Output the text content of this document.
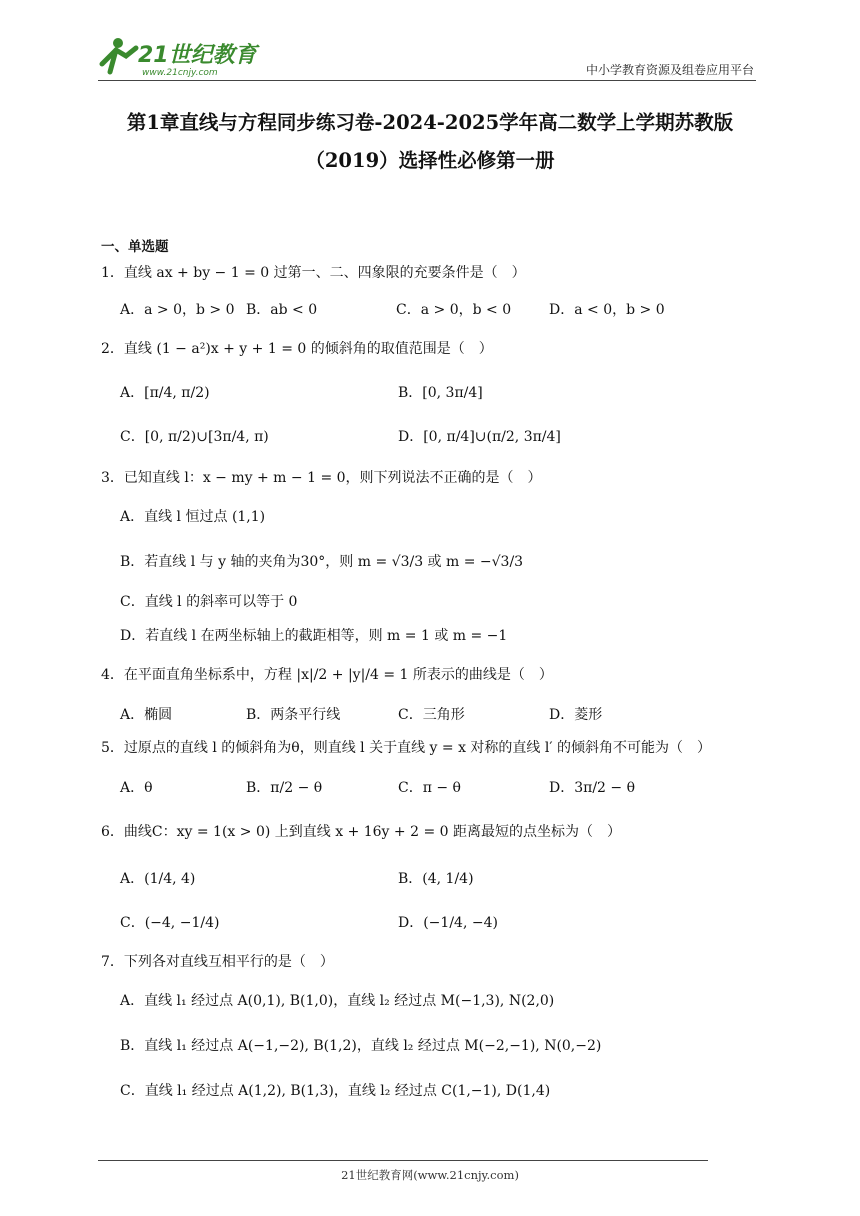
21世纪教育
www.21cnjy.com	中小学教育资源及组卷应用平台
第1章直线与方程同步练习卷-2024-2025学年高二数学上学期苏教版
（2019）选择性必修第一册
一、单选题
1．直线 ax + by − 1 = 0 过第一、二、四象限的充要条件是（　）
A．a > 0，b > 0 B．ab < 0	C．a > 0，b < 0	D．a < 0，b > 0
2．直线 (1 − a²)x + y + 1 = 0 的倾斜角的取值范围是（　）
A．[π/4, π/2)	B．[0, 3π/4]
C．[0, π/2)∪[3π/4, π)	D．[0, π/4]∪(π/2, 3π/4]
3．已知直线 l：x − my + m − 1 = 0，则下列说法不正确的是（　）
A．直线 l 恒过点 (1,1)
B．若直线 l 与 y 轴的夹角为30°，则 m = √3/3 或 m = −√3/3
C．直线 l 的斜率可以等于 0
D．若直线 l 在两坐标轴上的截距相等，则 m = 1 或 m = −1
4．在平面直角坐标系中，方程 |x|/2 + |y|/4 = 1 所表示的曲线是（　）
A．椭圆	B．两条平行线	C．三角形	D．菱形
5．过原点的直线 l 的倾斜角为θ，则直线 l 关于直线 y = x 对称的直线 l′ 的倾斜角不可能为（　）
A．θ	B．π/2 − θ	C．π − θ	D．3π/2 − θ
6．曲线C：xy = 1(x > 0) 上到直线 x + 16y + 2 = 0 距离最短的点坐标为（　）
A．(1/4, 4)	B．(4, 1/4)
C．(−4, −1/4)	D．(−1/4, −4)
7．下列各对直线互相平行的是（　）
A．直线 l₁ 经过点 A(0,1), B(1,0)，直线 l₂ 经过点 M(−1,3), N(2,0)
B．直线 l₁ 经过点 A(−1,−2), B(1,2)，直线 l₂ 经过点 M(−2,−1), N(0,−2)
C．直线 l₁ 经过点 A(1,2), B(1,3)，直线 l₂ 经过点 C(1,−1), D(1,4)
21世纪教育网(www.21cnjy.com)
